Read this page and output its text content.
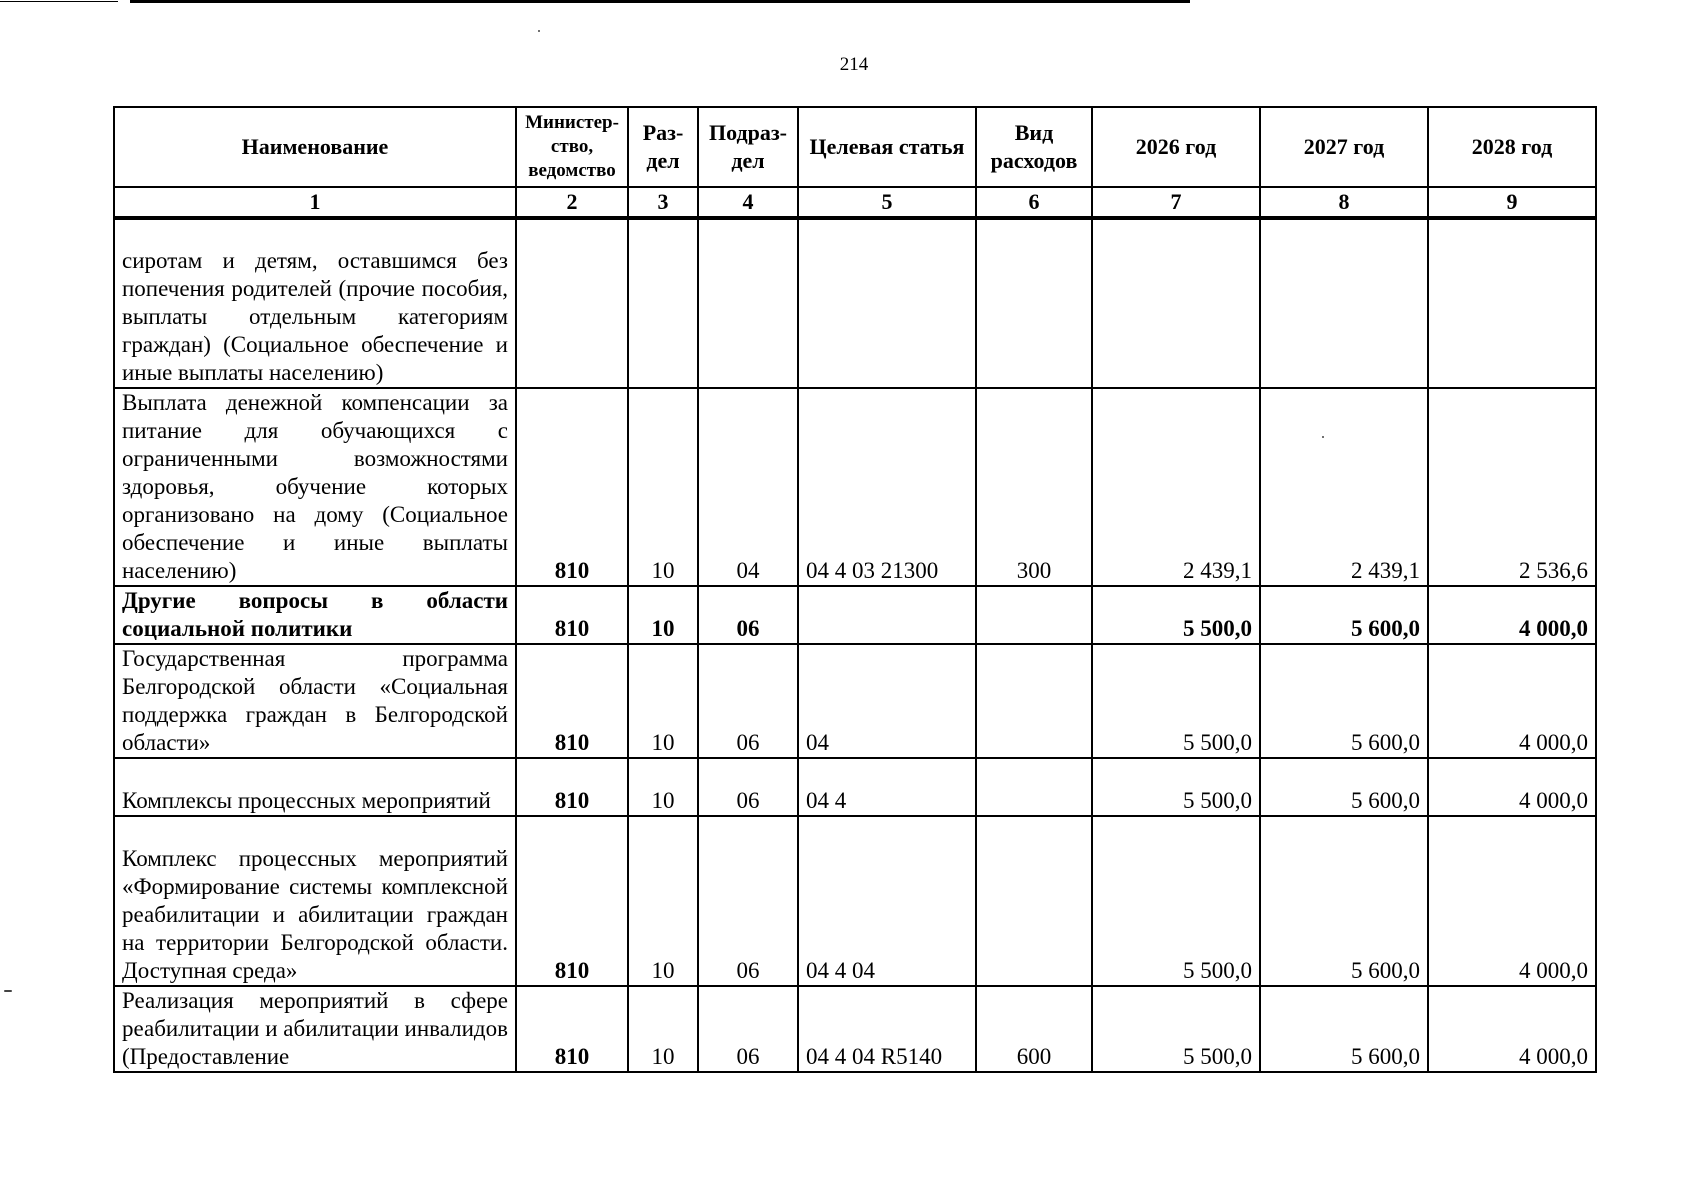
214
Наименование	Министер-ство, ведомство	Раз-дел	Подраз-дел	Целевая статья	Вид расходов	2026 год	2027 год	2028 год
1	2	3	4	5	6	7	8	9
сиротам и детям, оставшимся без попечения родителей (прочие пособия, выплаты отдельным категориям граждан) (Социальное обеспечение и иные выплаты населению)								
Выплата денежной компенсации за питание для обучающихся с ограниченными возможностями здоровья, обучение которых организовано на дому (Социальное обеспечение и иные выплаты населению)	810	10	04	04 4 03 21300	300	2 439,1	2 439,1	2 536,6
Другие вопросы в области социальной политики	810	10	06			5 500,0	5 600,0	4 000,0
Государственная программа Белгородской области «Социальная поддержка граждан в Белгородской области»	810	10	06	04		5 500,0	5 600,0	4 000,0
Комплексы процессных мероприятий	810	10	06	04 4		5 500,0	5 600,0	4 000,0
Комплекс процессных мероприятий «Формирование системы комплексной реабилитации и абилитации граждан на территории Белгородской области. Доступная среда»	810	10	06	04 4 04		5 500,0	5 600,0	4 000,0
Реализация мероприятий в сфере реабилитации и абилитации инвалидов (Предоставление	810	10	06	04 4 04 R5140	600	5 500,0	5 600,0	4 000,0
